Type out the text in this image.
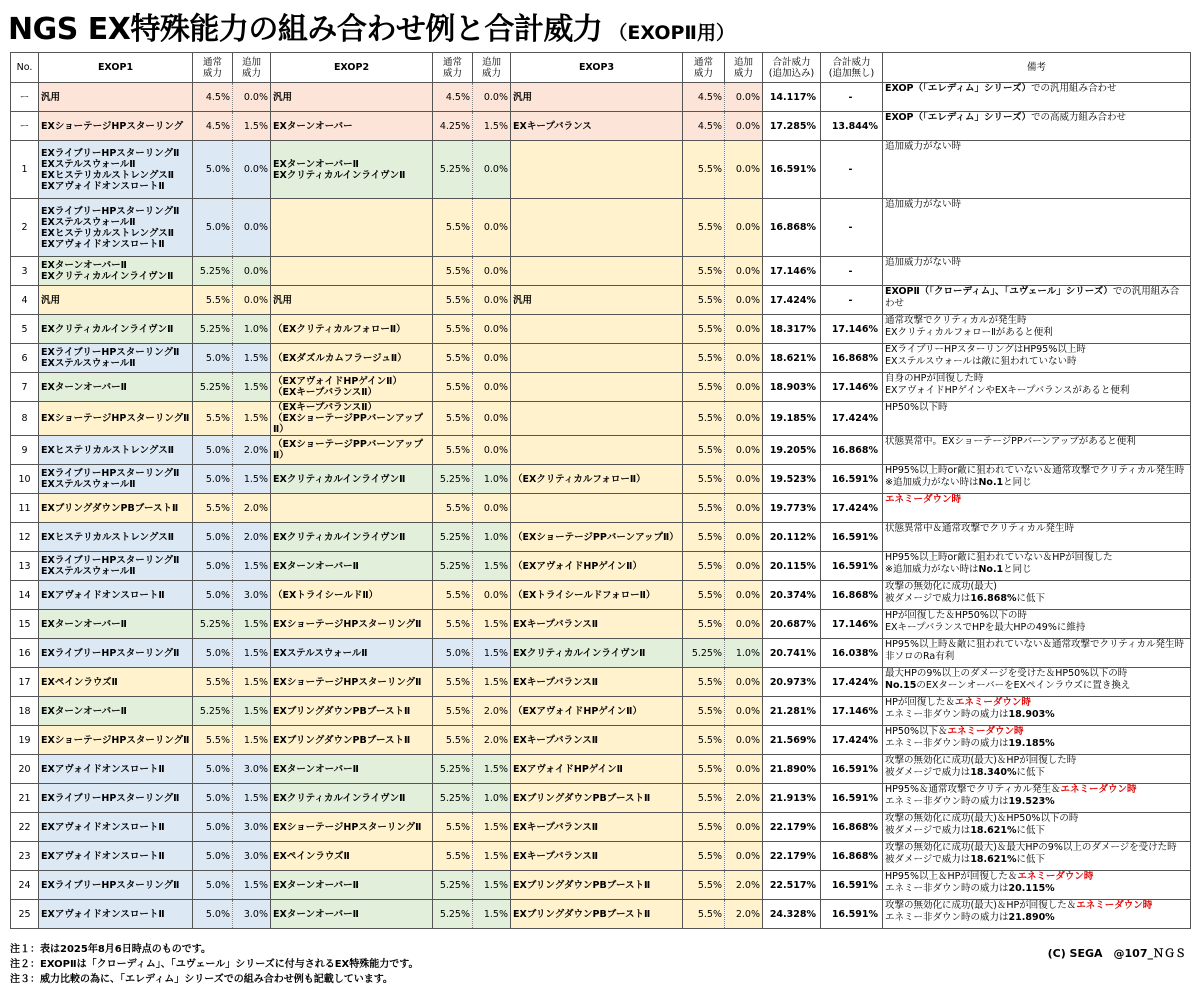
NGS EX特殊能力の組み合わせ例と合計威力 （EXOPⅡ用）
No.	EXOP1	通常
威力	追加
威力	EXOP2	通常
威力	追加
威力	EXOP3	通常
威力	追加
威力	合計威力
(追加込み)	合計威力
(追加無し)	備考
ー	汎用	4.5%	0.0%	汎用	4.5%	0.0%	汎用	4.5%	0.0%	14.117%	-	EXOP（「エレディム」シリーズ）での汎用組み合わせ
ー	EXショーテージHPスターリング	4.5%	1.5%	EXターンオーバー	4.25%	1.5%	EXキープバランス	4.5%	0.0%	17.285%	13.844%	EXOP（「エレディム」シリーズ）での高威力組み合わせ
1	EXライブリーHPスターリングⅡ
EXステルスウォールⅡ
EXヒステリカルストレングスⅡ
EXアヴォイドオンスロートⅡ	5.0%	0.0%	EXターンオーバーⅡ
EXクリティカルインライヴンⅡ	5.25%	0.0%		5.5%	0.0%	16.591%	-	追加威力がない時
2	EXライブリーHPスターリングⅡ
EXステルスウォールⅡ
EXヒステリカルストレングスⅡ
EXアヴォイドオンスロートⅡ	5.0%	0.0%		5.5%	0.0%		5.5%	0.0%	16.868%	-	追加威力がない時
3	EXターンオーバーⅡ
EXクリティカルインライヴンⅡ	5.25%	0.0%		5.5%	0.0%		5.5%	0.0%	17.146%	-	追加威力がない時
4	汎用	5.5%	0.0%	汎用	5.5%	0.0%	汎用	5.5%	0.0%	17.424%	-	EXOPⅡ（「クローディム」、「ユヴェール」シリーズ）での汎用組み合わせ
5	EXクリティカルインライヴンⅡ	5.25%	1.0%	（EXクリティカルフォローⅡ）	5.5%	0.0%		5.5%	0.0%	18.317%	17.146%	通常攻撃でクリティカルが発生時
EXクリティカルフォローⅡがあると便利
6	EXライブリーHPスターリングⅡ
EXステルスウォールⅡ	5.0%	1.5%	（EXダズルカムフラージュⅡ）	5.5%	0.0%		5.5%	0.0%	18.621%	16.868%	EXライブリーHPスターリングはHP95%以上時
EXステルスウォールは敵に狙われていない時
7	EXターンオーバーⅡ	5.25%	1.5%	（EXアヴォイドHPゲインⅡ）
（EXキープバランスⅡ）	5.5%	0.0%		5.5%	0.0%	18.903%	17.146%	自身のHPが回復した時
EXアヴォイドHPゲインやEXキープバランスがあると便利
8	EXショーテージHPスターリングⅡ	5.5%	1.5%	（EXキープバランスⅡ）
（EXショーテージPPバーンアップⅡ）	5.5%	0.0%		5.5%	0.0%	19.185%	17.424%	HP50%以下時
9	EXヒステリカルストレングスⅡ	5.0%	2.0%	（EXショーテージPPバーンアップⅡ）	5.5%	0.0%		5.5%	0.0%	19.205%	16.868%	状態異常中。EXショーテージPPバーンアップがあると便利
10	EXライブリーHPスターリングⅡ
EXステルスウォールⅡ	5.0%	1.5%	EXクリティカルインライヴンⅡ	5.25%	1.0%	（EXクリティカルフォローⅡ）	5.5%	0.0%	19.523%	16.591%	HP95%以上時or敵に狙われていない＆通常攻撃でクリティカル発生時
※追加威力がない時はNo.1と同じ
11	EXブリングダウンPBブーストⅡ	5.5%	2.0%		5.5%	0.0%		5.5%	0.0%	19.773%	17.424%	エネミーダウン時
12	EXヒステリカルストレングスⅡ	5.0%	2.0%	EXクリティカルインライヴンⅡ	5.25%	1.0%	（EXショーテージPPバーンアップⅡ）	5.5%	0.0%	20.112%	16.591%	状態異常中＆通常攻撃でクリティカル発生時
13	EXライブリーHPスターリングⅡ
EXステルスウォールⅡ	5.0%	1.5%	EXターンオーバーⅡ	5.25%	1.5%	（EXアヴォイドHPゲインⅡ）	5.5%	0.0%	20.115%	16.591%	HP95%以上時or敵に狙われていない＆HPが回復した
※追加威力がない時はNo.1と同じ
14	EXアヴォイドオンスロートⅡ	5.0%	3.0%	（EXトライシールドⅡ）	5.5%	0.0%	（EXトライシールドフォローⅡ）	5.5%	0.0%	20.374%	16.868%	攻撃の無効化に成功(最大)
被ダメージで威力は16.868%に低下
15	EXターンオーバーⅡ	5.25%	1.5%	EXショーテージHPスターリングⅡ	5.5%	1.5%	EXキープバランスⅡ	5.5%	0.0%	20.687%	17.146%	HPが回復した＆HP50%以下の時
EXキープバランスでHPを最大HPの49%に維持
16	EXライブリーHPスターリングⅡ	5.0%	1.5%	EXステルスウォールⅡ	5.0%	1.5%	EXクリティカルインライヴンⅡ	5.25%	1.0%	20.741%	16.038%	HP95%以上時＆敵に狙われていない＆通常攻撃でクリティカル発生時
非ソロのRa有利
17	EXペインラウズⅡ	5.5%	1.5%	EXショーテージHPスターリングⅡ	5.5%	1.5%	EXキープバランスⅡ	5.5%	0.0%	20.973%	17.424%	最大HPの9%以上のダメージを受けた＆HP50%以下の時
No.15のEXターンオーバーをEXペインラウズに置き換え
18	EXターンオーバーⅡ	5.25%	1.5%	EXブリングダウンPBブーストⅡ	5.5%	2.0%	（EXアヴォイドHPゲインⅡ）	5.5%	0.0%	21.281%	17.146%	HPが回復した＆エネミーダウン時
エネミー非ダウン時の威力は18.903%
19	EXショーテージHPスターリングⅡ	5.5%	1.5%	EXブリングダウンPBブーストⅡ	5.5%	2.0%	EXキープバランスⅡ	5.5%	0.0%	21.569%	17.424%	HP50%以下＆エネミーダウン時
エネミー非ダウン時の威力は19.185%
20	EXアヴォイドオンスロートⅡ	5.0%	3.0%	EXターンオーバーⅡ	5.25%	1.5%	EXアヴォイドHPゲインⅡ	5.5%	0.0%	21.890%	16.591%	攻撃の無効化に成功(最大)＆HPが回復した時
被ダメージで威力は18.340%に低下
21	EXライブリーHPスターリングⅡ	5.0%	1.5%	EXクリティカルインライヴンⅡ	5.25%	1.0%	EXブリングダウンPBブーストⅡ	5.5%	2.0%	21.913%	16.591%	HP95%＆通常攻撃でクリティカル発生＆エネミーダウン時
エネミー非ダウン時の威力は19.523%
22	EXアヴォイドオンスロートⅡ	5.0%	3.0%	EXショーテージHPスターリングⅡ	5.5%	1.5%	EXキープバランスⅡ	5.5%	0.0%	22.179%	16.868%	攻撃の無効化に成功(最大)＆HP50%以下の時
被ダメージで威力は18.621%に低下
23	EXアヴォイドオンスロートⅡ	5.0%	3.0%	EXペインラウズⅡ	5.5%	1.5%	EXキープバランスⅡ	5.5%	0.0%	22.179%	16.868%	攻撃の無効化に成功(最大)＆最大HPの9%以上のダメージを受けた時
被ダメージで威力は18.621%に低下
24	EXライブリーHPスターリングⅡ	5.0%	1.5%	EXターンオーバーⅡ	5.25%	1.5%	EXブリングダウンPBブーストⅡ	5.5%	2.0%	22.517%	16.591%	HP95%以上＆HPが回復した＆エネミーダウン時
エネミー非ダウン時の威力は20.115%
25	EXアヴォイドオンスロートⅡ	5.0%	3.0%	EXターンオーバーⅡ	5.25%	1.5%	EXブリングダウンPBブーストⅡ	5.5%	2.0%	24.328%	16.591%	攻撃の無効化に成功(最大)＆HPが回復した＆エネミーダウン時
エネミー非ダウン時の威力は21.890%
注１：表は2025年8月6日時点のものです。
注２：EXOPⅡは「クローディム」、「ユヴェール」シリーズに付与されるEX特殊能力です。
注３：威力比較の為に、「エレディム」シリーズでの組み合わせ例も記載しています。
(C) SEGA　@107_ＮＧＳ
